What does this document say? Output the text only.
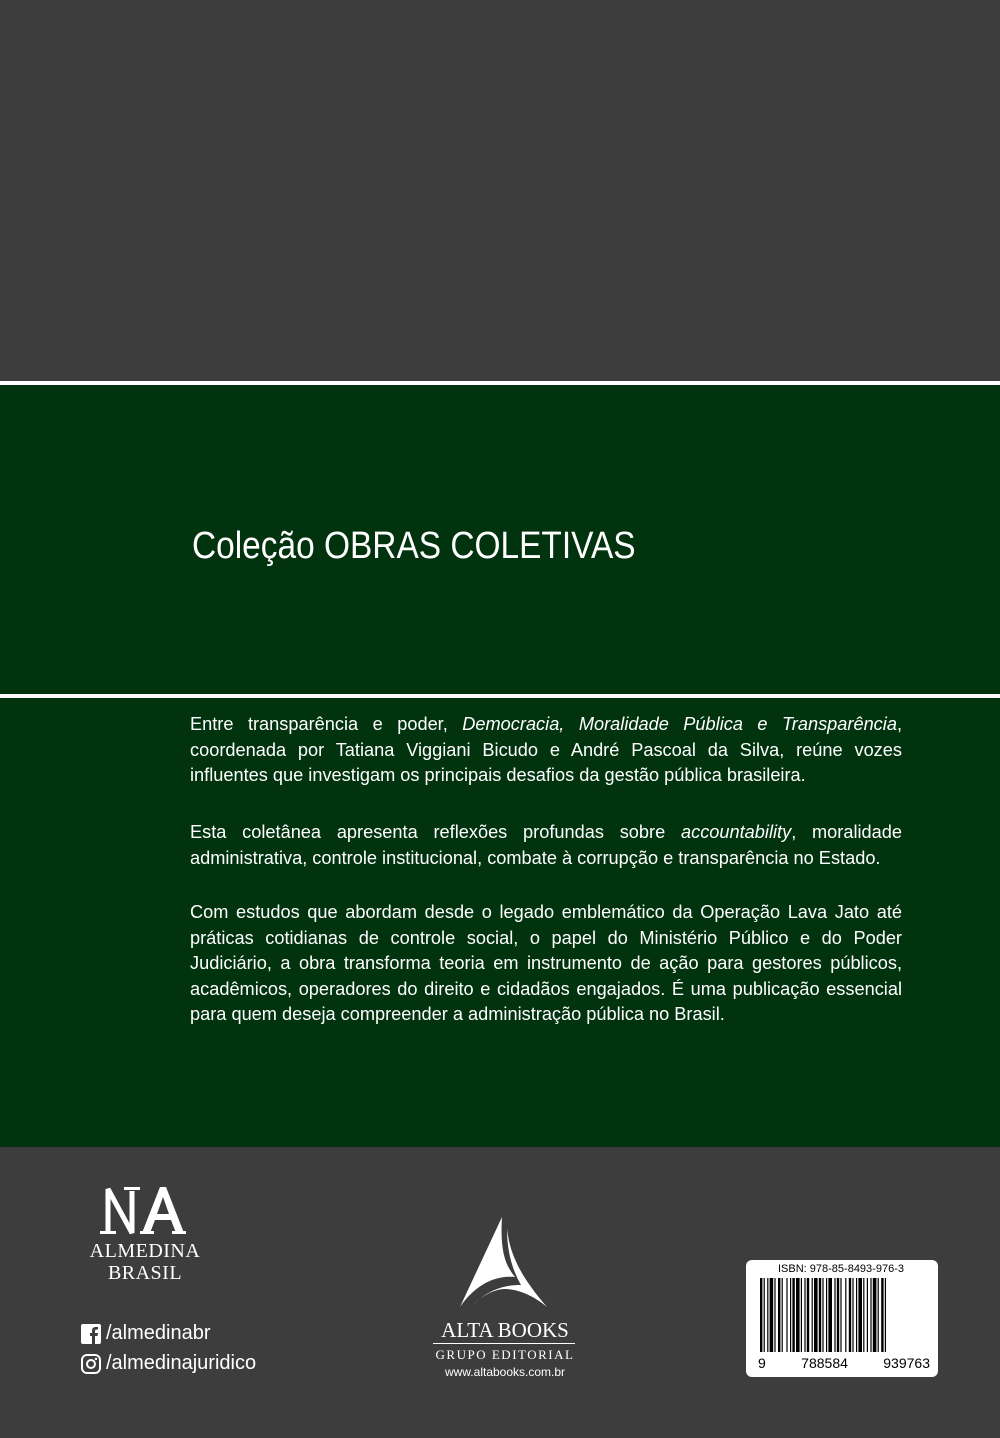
Coleção OBRAS COLETIVAS

Entre transparência e poder, Democracia, Moralidade Pública e Transparência, coordenada por Tatiana Viggiani Bicudo e André Pascoal da Silva, reúne vozes influentes que investigam os principais desafios da gestão pública brasileira.

Esta coletânea apresenta reflexões profundas sobre accountability, moralidade administrativa, controle institucional, combate à corrupção e transparência no Estado.

Com estudos que abordam desde o legado emblemático da Operação Lava Jato até práticas cotidianas de controle social, o papel do Ministério Público e do Poder Judiciário, a obra transforma teoria em instrumento de ação para gestores públicos, acadêmicos, operadores do direito e cidadãos engajados. É uma publicação essencial para quem deseja compreender a administração pública no Brasil.

ALMEDINA
BRASIL
/almedinabr
/almedinajuridico
ALTA BOOKS
GRUPO EDITORIAL
www.altabooks.com.br
ISBN: 978-85-8493-976-3
9	788584	939763
